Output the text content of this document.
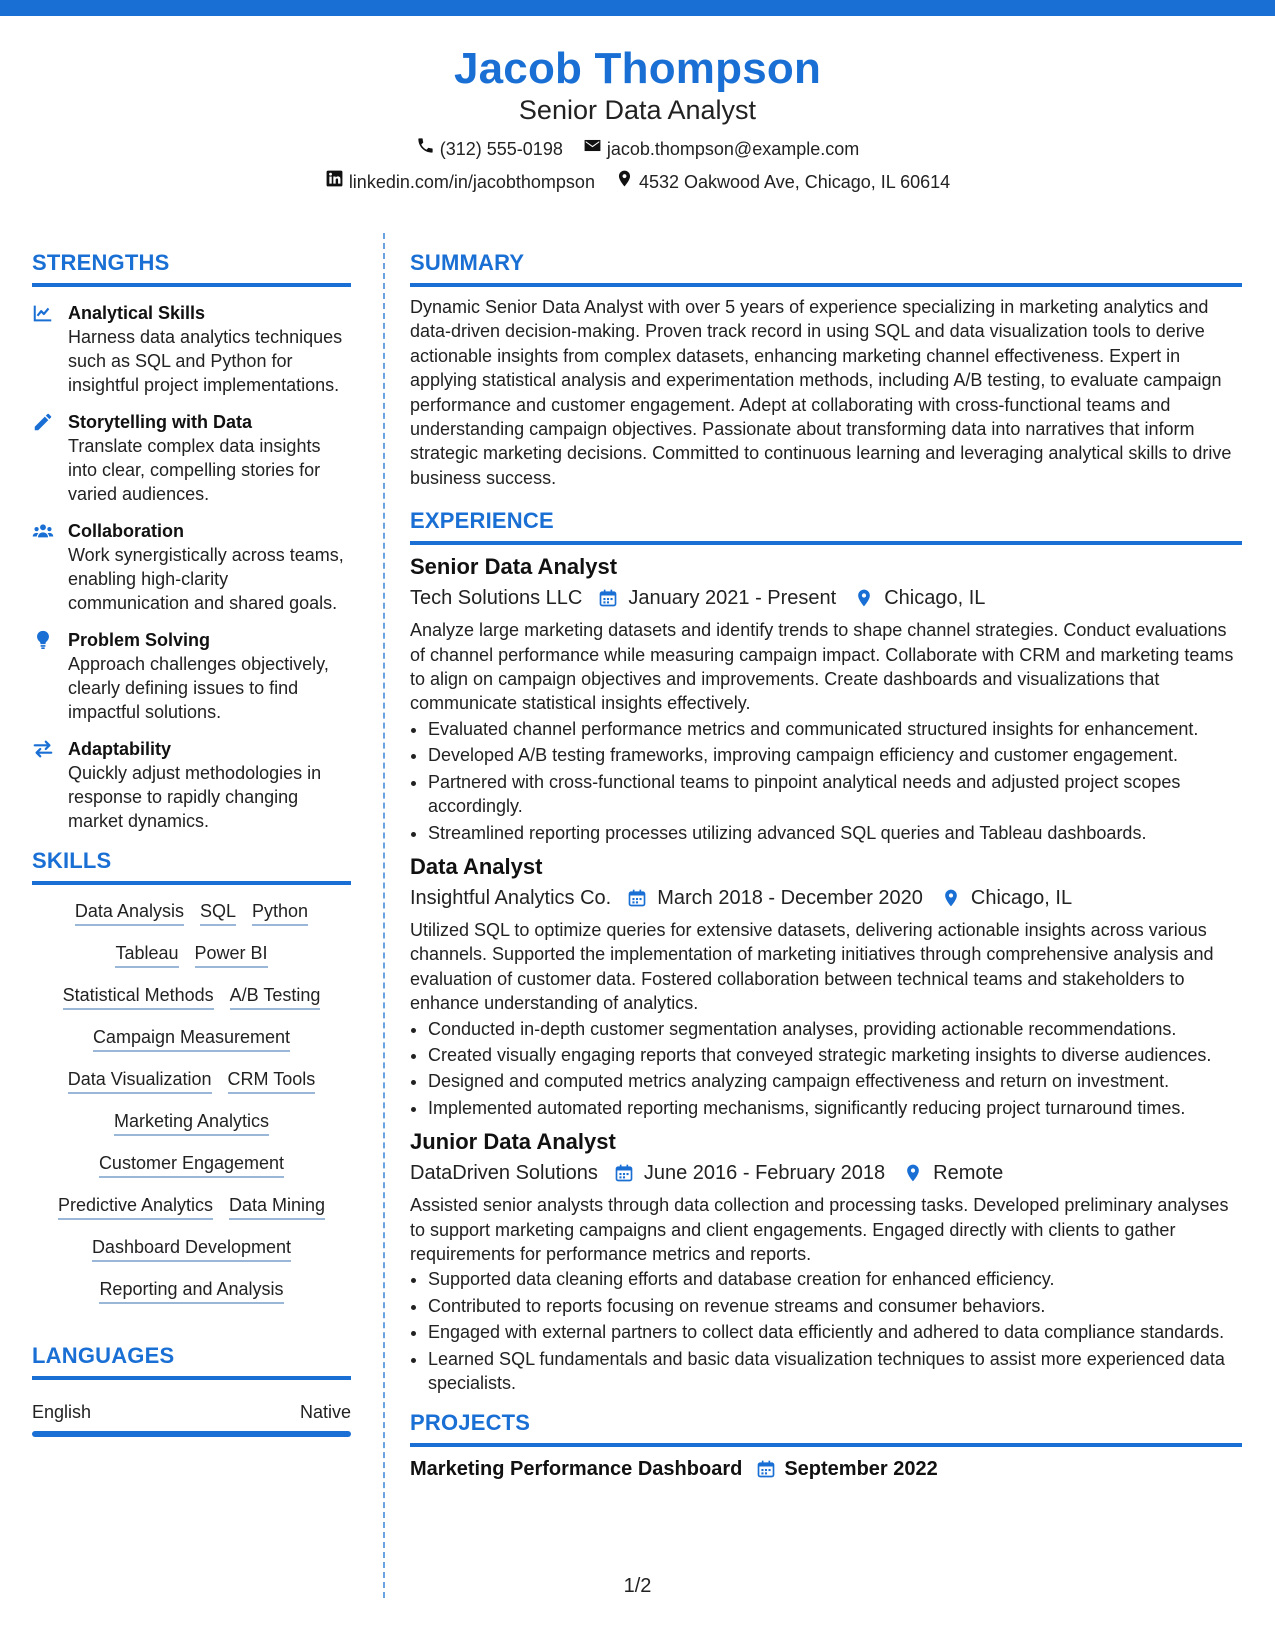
Jacob Thompson
Senior Data Analyst
(312) 555-0198 jacob.thompson@example.com
linkedin.com/in/jacobthompson 4532 Oakwood Ave, Chicago, IL 60614
STRENGTHS
Analytical Skills
Harness data analytics techniques such as SQL and Python for insightful project implementations.
Storytelling with Data
Translate complex data insights into clear, compelling stories for varied audiences.
Collaboration
Work synergistically across teams, enabling high-clarity communication and shared goals.
Problem Solving
Approach challenges objectively, clearly defining issues to find impactful solutions.
Adaptability
Quickly adjust methodologies in response to rapidly changing market dynamics.
SKILLS
Data Analysis SQL Python
Tableau Power BI
Statistical Methods A/B Testing
Campaign Measurement
Data Visualization CRM Tools
Marketing Analytics
Customer Engagement
Predictive Analytics Data Mining
Dashboard Development
Reporting and Analysis
LANGUAGES
English	Native
SUMMARY
Dynamic Senior Data Analyst with over 5 years of experience specializing in marketing analytics and data-driven decision-making. Proven track record in using SQL and data visualization tools to derive actionable insights from complex datasets, enhancing marketing channel effectiveness. Expert in applying statistical analysis and experimentation methods, including A/B testing, to evaluate campaign performance and customer engagement. Adept at collaborating with cross-functional teams and understanding campaign objectives. Passionate about transforming data into narratives that inform strategic marketing decisions. Committed to continuous learning and leveraging analytical skills to drive business success.
EXPERIENCE
Senior Data Analyst
Tech Solutions LLC January 2021 - Present Chicago, IL
Analyze large marketing datasets and identify trends to shape channel strategies. Conduct evaluations of channel performance while measuring campaign impact. Collaborate with CRM and marketing teams to align on campaign objectives and improvements. Create dashboards and visualizations that communicate statistical insights effectively.
• Evaluated channel performance metrics and communicated structured insights for enhancement.
• Developed A/B testing frameworks, improving campaign efficiency and customer engagement.
• Partnered with cross-functional teams to pinpoint analytical needs and adjusted project scopes accordingly.
• Streamlined reporting processes utilizing advanced SQL queries and Tableau dashboards.
Data Analyst
Insightful Analytics Co. March 2018 - December 2020 Chicago, IL
Utilized SQL to optimize queries for extensive datasets, delivering actionable insights across various channels. Supported the implementation of marketing initiatives through comprehensive analysis and evaluation of customer data. Fostered collaboration between technical teams and stakeholders to enhance understanding of analytics.
• Conducted in-depth customer segmentation analyses, providing actionable recommendations.
• Created visually engaging reports that conveyed strategic marketing insights to diverse audiences.
• Designed and computed metrics analyzing campaign effectiveness and return on investment.
• Implemented automated reporting mechanisms, significantly reducing project turnaround times.
Junior Data Analyst
DataDriven Solutions June 2016 - February 2018 Remote
Assisted senior analysts through data collection and processing tasks. Developed preliminary analyses to support marketing campaigns and client engagements. Engaged directly with clients to gather requirements for performance metrics and reports.
• Supported data cleaning efforts and database creation for enhanced efficiency.
• Contributed to reports focusing on revenue streams and consumer behaviors.
• Engaged with external partners to collect data efficiently and adhered to data compliance standards.
• Learned SQL fundamentals and basic data visualization techniques to assist more experienced data specialists.
PROJECTS
Marketing Performance Dashboard September 2022
1/2
